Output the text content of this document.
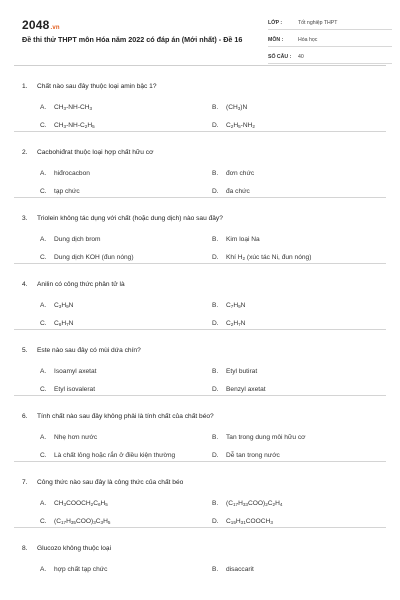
2048.vn
Đề thi thử THPT môn Hóa năm 2022 có đáp án (Mới nhất) - Đề 16
LỚP :	Tốt nghiệp THPT
MÔN :	Hóa học
SỐ CÂU :	40
1. Chất nào sau đây thuộc loại amin bậc 1?
A. $CH_3-NH-CH_3$	B. $(CH_3)N$
C. $CH_3-NH-C_2H_5$	D. $C_2H_5-NH_2$
2. Cacbohiđrat thuộc loại hợp chất hữu cơ
A. hiđrocacbon	B. đơn chức
C. tạp chức	D. đa chức
3. Triolein không tác dụng với chất (hoặc dung dịch) nào sau đây?
A. Dung dịch brom	B. Kim loại Na
C. Dung dịch KOH (đun nóng)	D. Khí $H_2$ (xúc tác Ni, đun nóng)
4. Anilin có công thức phân tử là
A. $C_3H_9N$	B. $C_7H_9N$
C. $C_6H_7N$	D. $C_2H_7N$
5. Este nào sau đây có mùi dứa chín?
A. Isoamyl axetat	B. Etyl butirat
C. Etyl isovalerat	D. Benzyl axetat
6. Tính chất nào sau đây không phải là tính chất của chất béo?
A. Nhẹ hơn nước	B. Tan trong dung môi hữu cơ
C. Là chất lỏng hoặc rắn ở điều kiện thường	D. Dễ tan trong nước
7. Công thức nào sau đây là công thức của chất béo
A. $CH_3COOCH_2C_6H_5$	B. $(C_{17}H_{33}COO)_2C_2H_4$
C. $(C_{17}H_{35}COO)_3C_3H_5$	D. $C_{15}H_{31}COOCH_3$
8. Glucozo không thuộc loại
A. hợp chất tạp chức	B. disaccarit
